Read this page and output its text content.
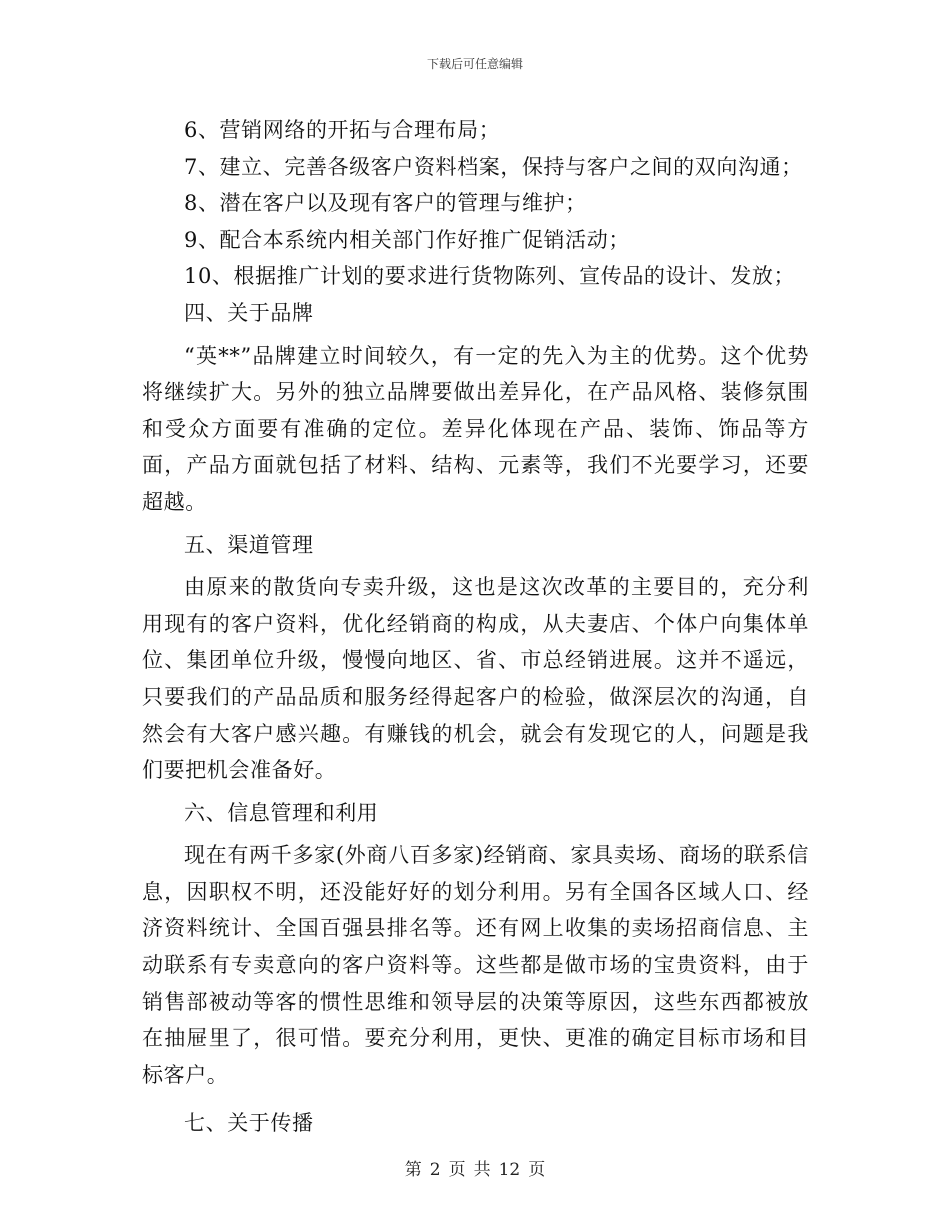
下载后可任意编辑

6、营销网络的开拓与合理布局；

7、建立、完善各级客户资料档案，保持与客户之间的双向沟通；

8、潜在客户以及现有客户的管理与维护；

9、配合本系统内相关部门作好推广促销活动；

10、根据推广计划的要求进行货物陈列、宣传品的设计、发放；

四、关于品牌

“英**”品牌建立时间较久，有一定的先入为主的优势。这个优势将继续扩大。另外的独立品牌要做出差异化，在产品风格、装修氛围和受众方面要有准确的定位。差异化体现在产品、装饰、饰品等方面，产品方面就包括了材料、结构、元素等，我们不光要学习，还要超越。

五、渠道管理

由原来的散货向专卖升级，这也是这次改革的主要目的，充分利用现有的客户资料，优化经销商的构成，从夫妻店、个体户向集体单位、集团单位升级，慢慢向地区、省、市总经销进展。这并不遥远，只要我们的产品品质和服务经得起客户的检验，做深层次的沟通，自然会有大客户感兴趣。有赚钱的机会，就会有发现它的人，问题是我们要把机会准备好。

六、信息管理和利用

现在有两千多家(外商八百多家)经销商、家具卖场、商场的联系信息，因职权不明，还没能好好的划分利用。另有全国各区域人口、经济资料统计、全国百强县排名等。还有网上收集的卖场招商信息、主动联系有专卖意向的客户资料等。这些都是做市场的宝贵资料，由于销售部被动等客的惯性思维和领导层的决策等原因，这些东西都被放在抽屉里了，很可惜。要充分利用，更快、更准的确定目标市场和目标客户。

七、关于传播

第 2 页 共 12 页
